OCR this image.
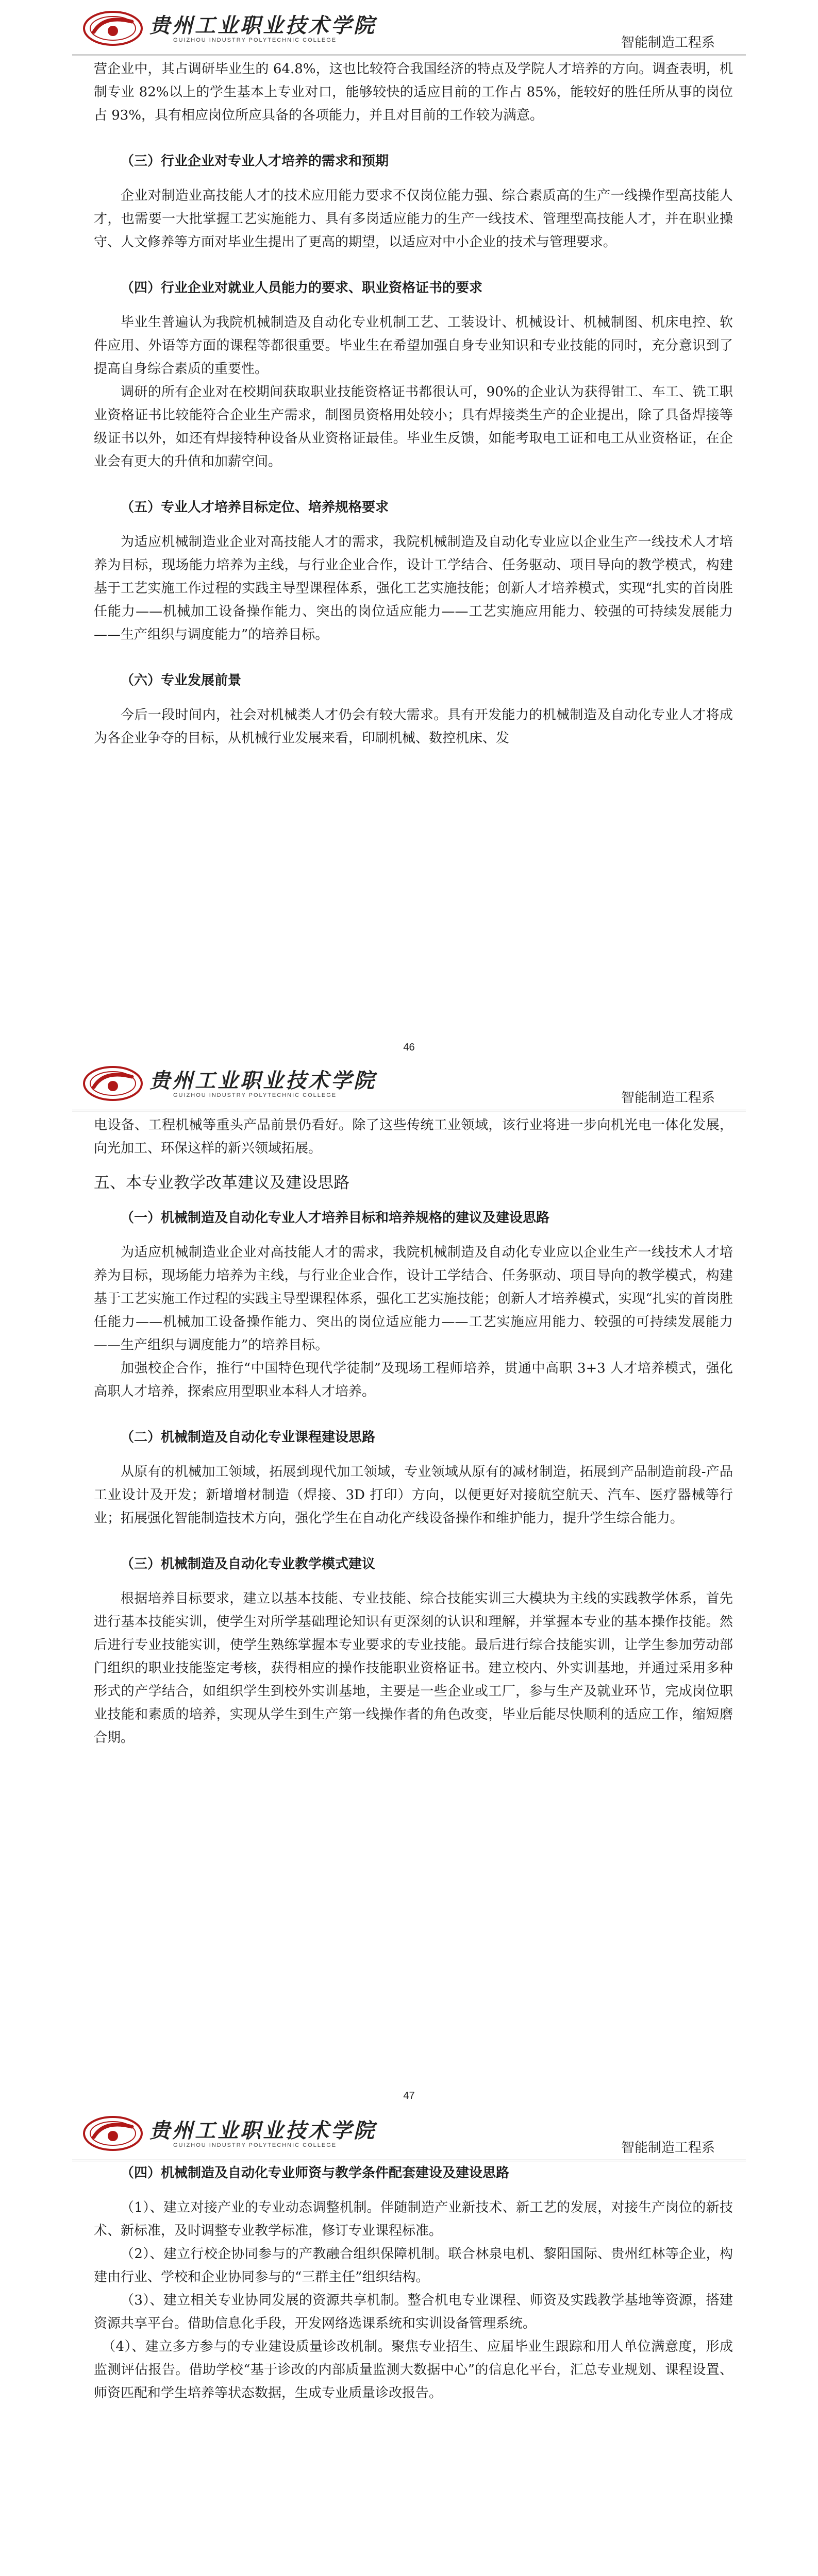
贵州工业职业技术学院
GUIZHOU INDUSTRY POLYTECHNIC COLLEGE	智能制造工程系

营企业中，其占调研毕业生的 64.8%，这也比较符合我国经济的特点及学院人才培养的方向。调查表明，机制专业 82%以上的学生基本上专业对口，能够较快的适应目前的工作占 85%，能较好的胜任所从事的岗位占 93%，具有相应岗位所应具备的各项能力，并且对目前的工作较为满意。

（三）行业企业对专业人才培养的需求和预期

企业对制造业高技能人才的技术应用能力要求不仅岗位能力强、综合素质高的生产一线操作型高技能人才，也需要一大批掌握工艺实施能力、具有多岗适应能力的生产一线技术、管理型高技能人才，并在职业操守、人文修养等方面对毕业生提出了更高的期望，以适应对中小企业的技术与管理要求。

（四）行业企业对就业人员能力的要求、职业资格证书的要求

毕业生普遍认为我院机械制造及自动化专业机制工艺、工装设计、机械设计、机械制图、机床电控、软件应用、外语等方面的课程等都很重要。毕业生在希望加强自身专业知识和专业技能的同时，充分意识到了提高自身综合素质的重要性。

调研的所有企业对在校期间获取职业技能资格证书都很认可，90%的企业认为获得钳工、车工、铣工职业资格证书比较能符合企业生产需求，制图员资格用处较小；具有焊接类生产的企业提出，除了具备焊接等级证书以外，如还有焊接特种设备从业资格证最佳。毕业生反馈，如能考取电工证和电工从业资格证，在企业会有更大的升值和加薪空间。

（五）专业人才培养目标定位、培养规格要求

为适应机械制造业企业对高技能人才的需求，我院机械制造及自动化专业应以企业生产一线技术人才培养为目标，现场能力培养为主线，与行业企业合作，设计工学结合、任务驱动、项目导向的教学模式，构建基于工艺实施工作过程的实践主导型课程体系，强化工艺实施技能；创新人才培养模式，实现“扎实的首岗胜任能力——机械加工设备操作能力、突出的岗位适应能力——工艺实施应用能力、较强的可持续发展能力——生产组织与调度能力”的培养目标。

（六）专业发展前景

今后一段时间内，社会对机械类人才仍会有较大需求。具有开发能力的机械制造及自动化专业人才将成为各企业争夺的目标，从机械行业发展来看，印刷机械、数控机床、发

46
贵州工业职业技术学院
GUIZHOU INDUSTRY POLYTECHNIC COLLEGE	智能制造工程系

电设备、工程机械等重头产品前景仍看好。除了这些传统工业领域，该行业将进一步向机光电一体化发展，向光加工、环保这样的新兴领域拓展。

五、本专业教学改革建议及建设思路
（一）机械制造及自动化专业人才培养目标和培养规格的建议及建设思路

为适应机械制造业企业对高技能人才的需求，我院机械制造及自动化专业应以企业生产一线技术人才培养为目标，现场能力培养为主线，与行业企业合作，设计工学结合、任务驱动、项目导向的教学模式，构建基于工艺实施工作过程的实践主导型课程体系，强化工艺实施技能；创新人才培养模式，实现“扎实的首岗胜任能力——机械加工设备操作能力、突出的岗位适应能力——工艺实施应用能力、较强的可持续发展能力——生产组织与调度能力”的培养目标。

加强校企合作，推行“中国特色现代学徒制”及现场工程师培养，贯通中高职 3+3 人才培养模式，强化高职人才培养，探索应用型职业本科人才培养。

（二）机械制造及自动化专业课程建设思路

从原有的机械加工领域，拓展到现代加工领域，专业领域从原有的减材制造，拓展到产品制造前段-产品工业设计及开发；新增增材制造（焊接、3D 打印）方向，以便更好对接航空航天、汽车、医疗器械等行业；拓展强化智能制造技术方向，强化学生在自动化产线设备操作和维护能力，提升学生综合能力。

（三）机械制造及自动化专业教学模式建议

根据培养目标要求，建立以基本技能、专业技能、综合技能实训三大模块为主线的实践教学体系，首先进行基本技能实训，使学生对所学基础理论知识有更深刻的认识和理解，并掌握本专业的基本操作技能。然后进行专业技能实训，使学生熟练掌握本专业要求的专业技能。最后进行综合技能实训，让学生参加劳动部门组织的职业技能鉴定考核，获得相应的操作技能职业资格证书。建立校内、外实训基地，并通过采用多种形式的产学结合，如组织学生到校外实训基地，主要是一些企业或工厂，参与生产及就业环节，完成岗位职业技能和素质的培养，实现从学生到生产第一线操作者的角色改变，毕业后能尽快顺利的适应工作，缩短磨合期。

47
贵州工业职业技术学院
GUIZHOU INDUSTRY POLYTECHNIC COLLEGE	智能制造工程系
（四）机械制造及自动化专业师资与教学条件配套建设及建设思路

（1）、建立对接产业的专业动态调整机制。伴随制造产业新技术、新工艺的发展，对接生产岗位的新技术、新标准，及时调整专业教学标准，修订专业课程标准。

（2）、建立行校企协同参与的产教融合组织保障机制。联合林泉电机、黎阳国际、贵州红林等企业，构建由行业、学校和企业协同参与的“三群主任”组织结构。

（3）、建立相关专业协同发展的资源共享机制。整合机电专业课程、师资及实践教学基地等资源，搭建资源共享平台。借助信息化手段，开发网络选课系统和实训设备管理系统。

（4）、建立多方参与的专业建设质量诊改机制。聚焦专业招生、应届毕业生跟踪和用人单位满意度，形成监测评估报告。借助学校“基于诊改的内部质量监测大数据中心”的信息化平台，汇总专业规划、课程设置、师资匹配和学生培养等状态数据，生成专业质量诊改报告。
